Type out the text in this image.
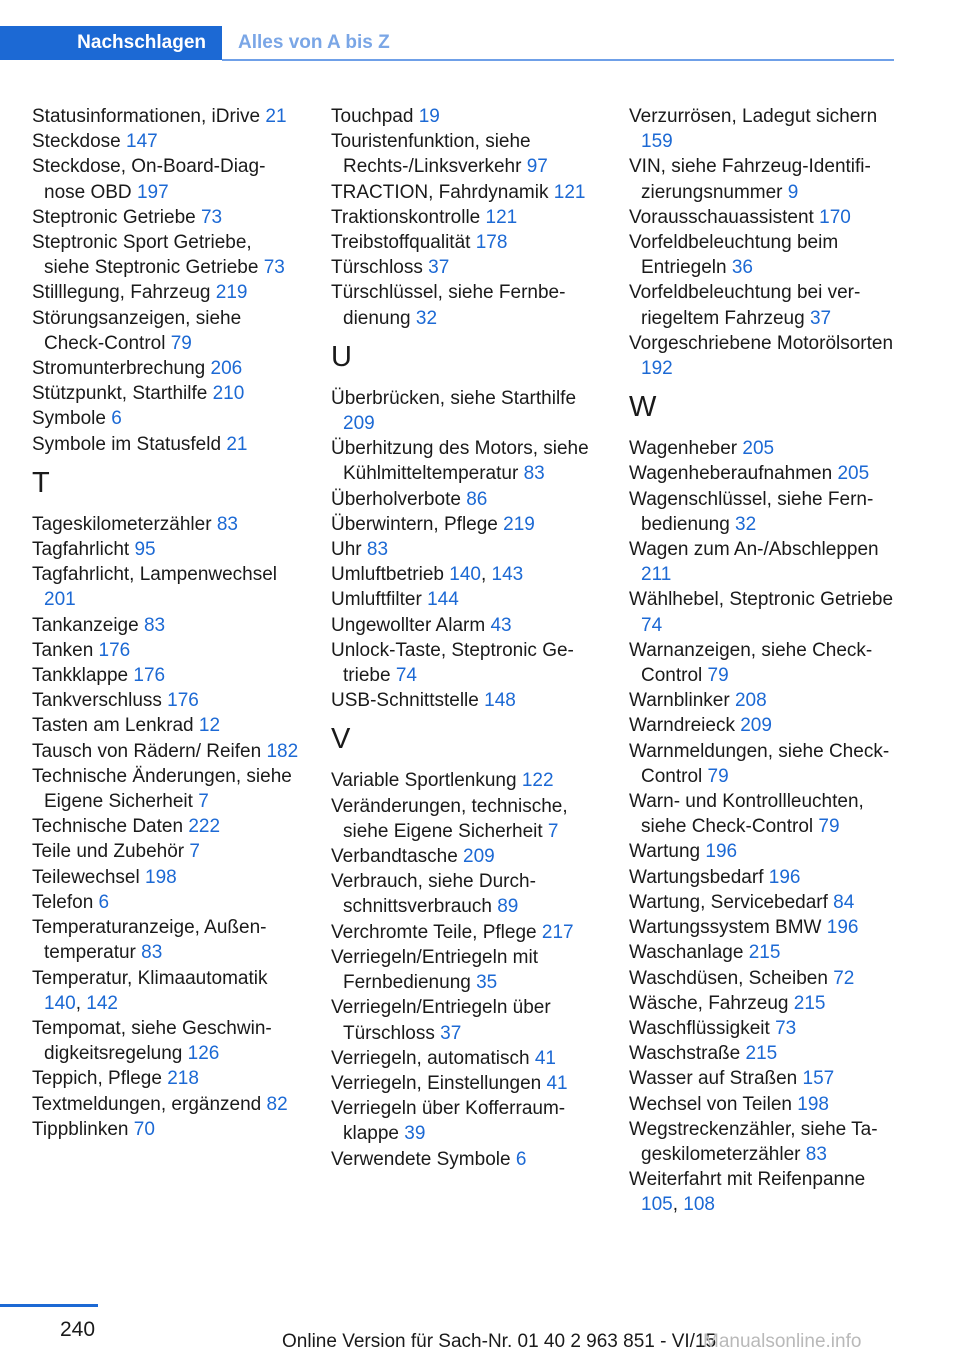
Nachschlagen	Alles von A bis Z
Statusinformationen, iDrive 21
Steckdose 147
Steckdose, On-Board-Diagnose OBD 197
Steptronic Getriebe 73
Steptronic Sport Getriebe, siehe Steptronic Getriebe 73
Stilllegung, Fahrzeug 219
Störungsanzeigen, siehe Check-Control 79
Stromunterbrechung 206
Stützpunkt, Starthilfe 210
Symbole 6
Symbole im Statusfeld 21
T
Tageskilometerzähler 83
Tagfahrlicht 95
Tagfahrlicht, Lampenwechsel 201
Tankanzeige 83
Tanken 176
Tankklappe 176
Tankverschluss 176
Tasten am Lenkrad 12
Tausch von Rädern/ Reifen 182
Technische Änderungen, siehe Eigene Sicherheit 7
Technische Daten 222
Teile und Zubehör 7
Teilewechsel 198
Telefon 6
Temperaturanzeige, Außentemperatur 83
Temperatur, Klimaautomatik 140, 142
Tempomat, siehe Geschwindigkeitsregelung 126
Teppich, Pflege 218
Textmeldungen, ergänzend 82
Tippblinken 70
Touchpad 19
Touristenfunktion, siehe Rechts-/Linksverkehr 97
TRACTION, Fahrdynamik 121
Traktionskontrolle 121
Treibstoffqualität 178
Türschloss 37
Türschlüssel, siehe Fernbedienung 32
U
Überbrücken, siehe Starthilfe 209
Überhitzung des Motors, siehe Kühlmitteltemperatur 83
Überholverbote 86
Überwintern, Pflege 219
Uhr 83
Umluftbetrieb 140, 143
Umluftfilter 144
Ungewollter Alarm 43
Unlock-Taste, Steptronic Getriebe 74
USB-Schnittstelle 148
V
Variable Sportlenkung 122
Veränderungen, technische, siehe Eigene Sicherheit 7
Verbandtasche 209
Verbrauch, siehe Durchschnittsverbrauch 89
Verchromte Teile, Pflege 217
Verriegeln/Entriegeln mit Fernbedienung 35
Verriegeln/Entriegeln über Türschloss 37
Verriegeln, automatisch 41
Verriegeln, Einstellungen 41
Verriegeln über Kofferraumklappe 39
Verwendete Symbole 6
Verzurrösen, Ladegut sichern 159
VIN, siehe Fahrzeug-Identifizierungsnummer 9
Vorausschauassistent 170
Vorfeldbeleuchtung beim Entriegeln 36
Vorfeldbeleuchtung bei verriegeltem Fahrzeug 37
Vorgeschriebene Motorölsorten 192
W
Wagenheber 205
Wagenheberaufnahmen 205
Wagenschlüssel, siehe Fernbedienung 32
Wagen zum An-/Abschleppen 211
Wählhebel, Steptronic Getriebe 74
Warnanzeigen, siehe Check-Control 79
Warnblinker 208
Warndreieck 209
Warnmeldungen, siehe Check-Control 79
Warn- und Kontrollleuchten, siehe Check-Control 79
Wartung 196
Wartungsbedarf 196
Wartung, Servicebedarf 84
Wartungssystem BMW 196
Waschanlage 215
Waschdüsen, Scheiben 72
Wäsche, Fahrzeug 215
Waschflüssigkeit 73
Waschstraße 215
Wasser auf Straßen 157
Wechsel von Teilen 198
Wegstreckenzähler, siehe Tageskilometerzähler 83
Weiterfahrt mit Reifenpanne 105, 108
240
Online Version für Sach-Nr. 01 40 2 963 851 - VI/15
Manualsonline.info
